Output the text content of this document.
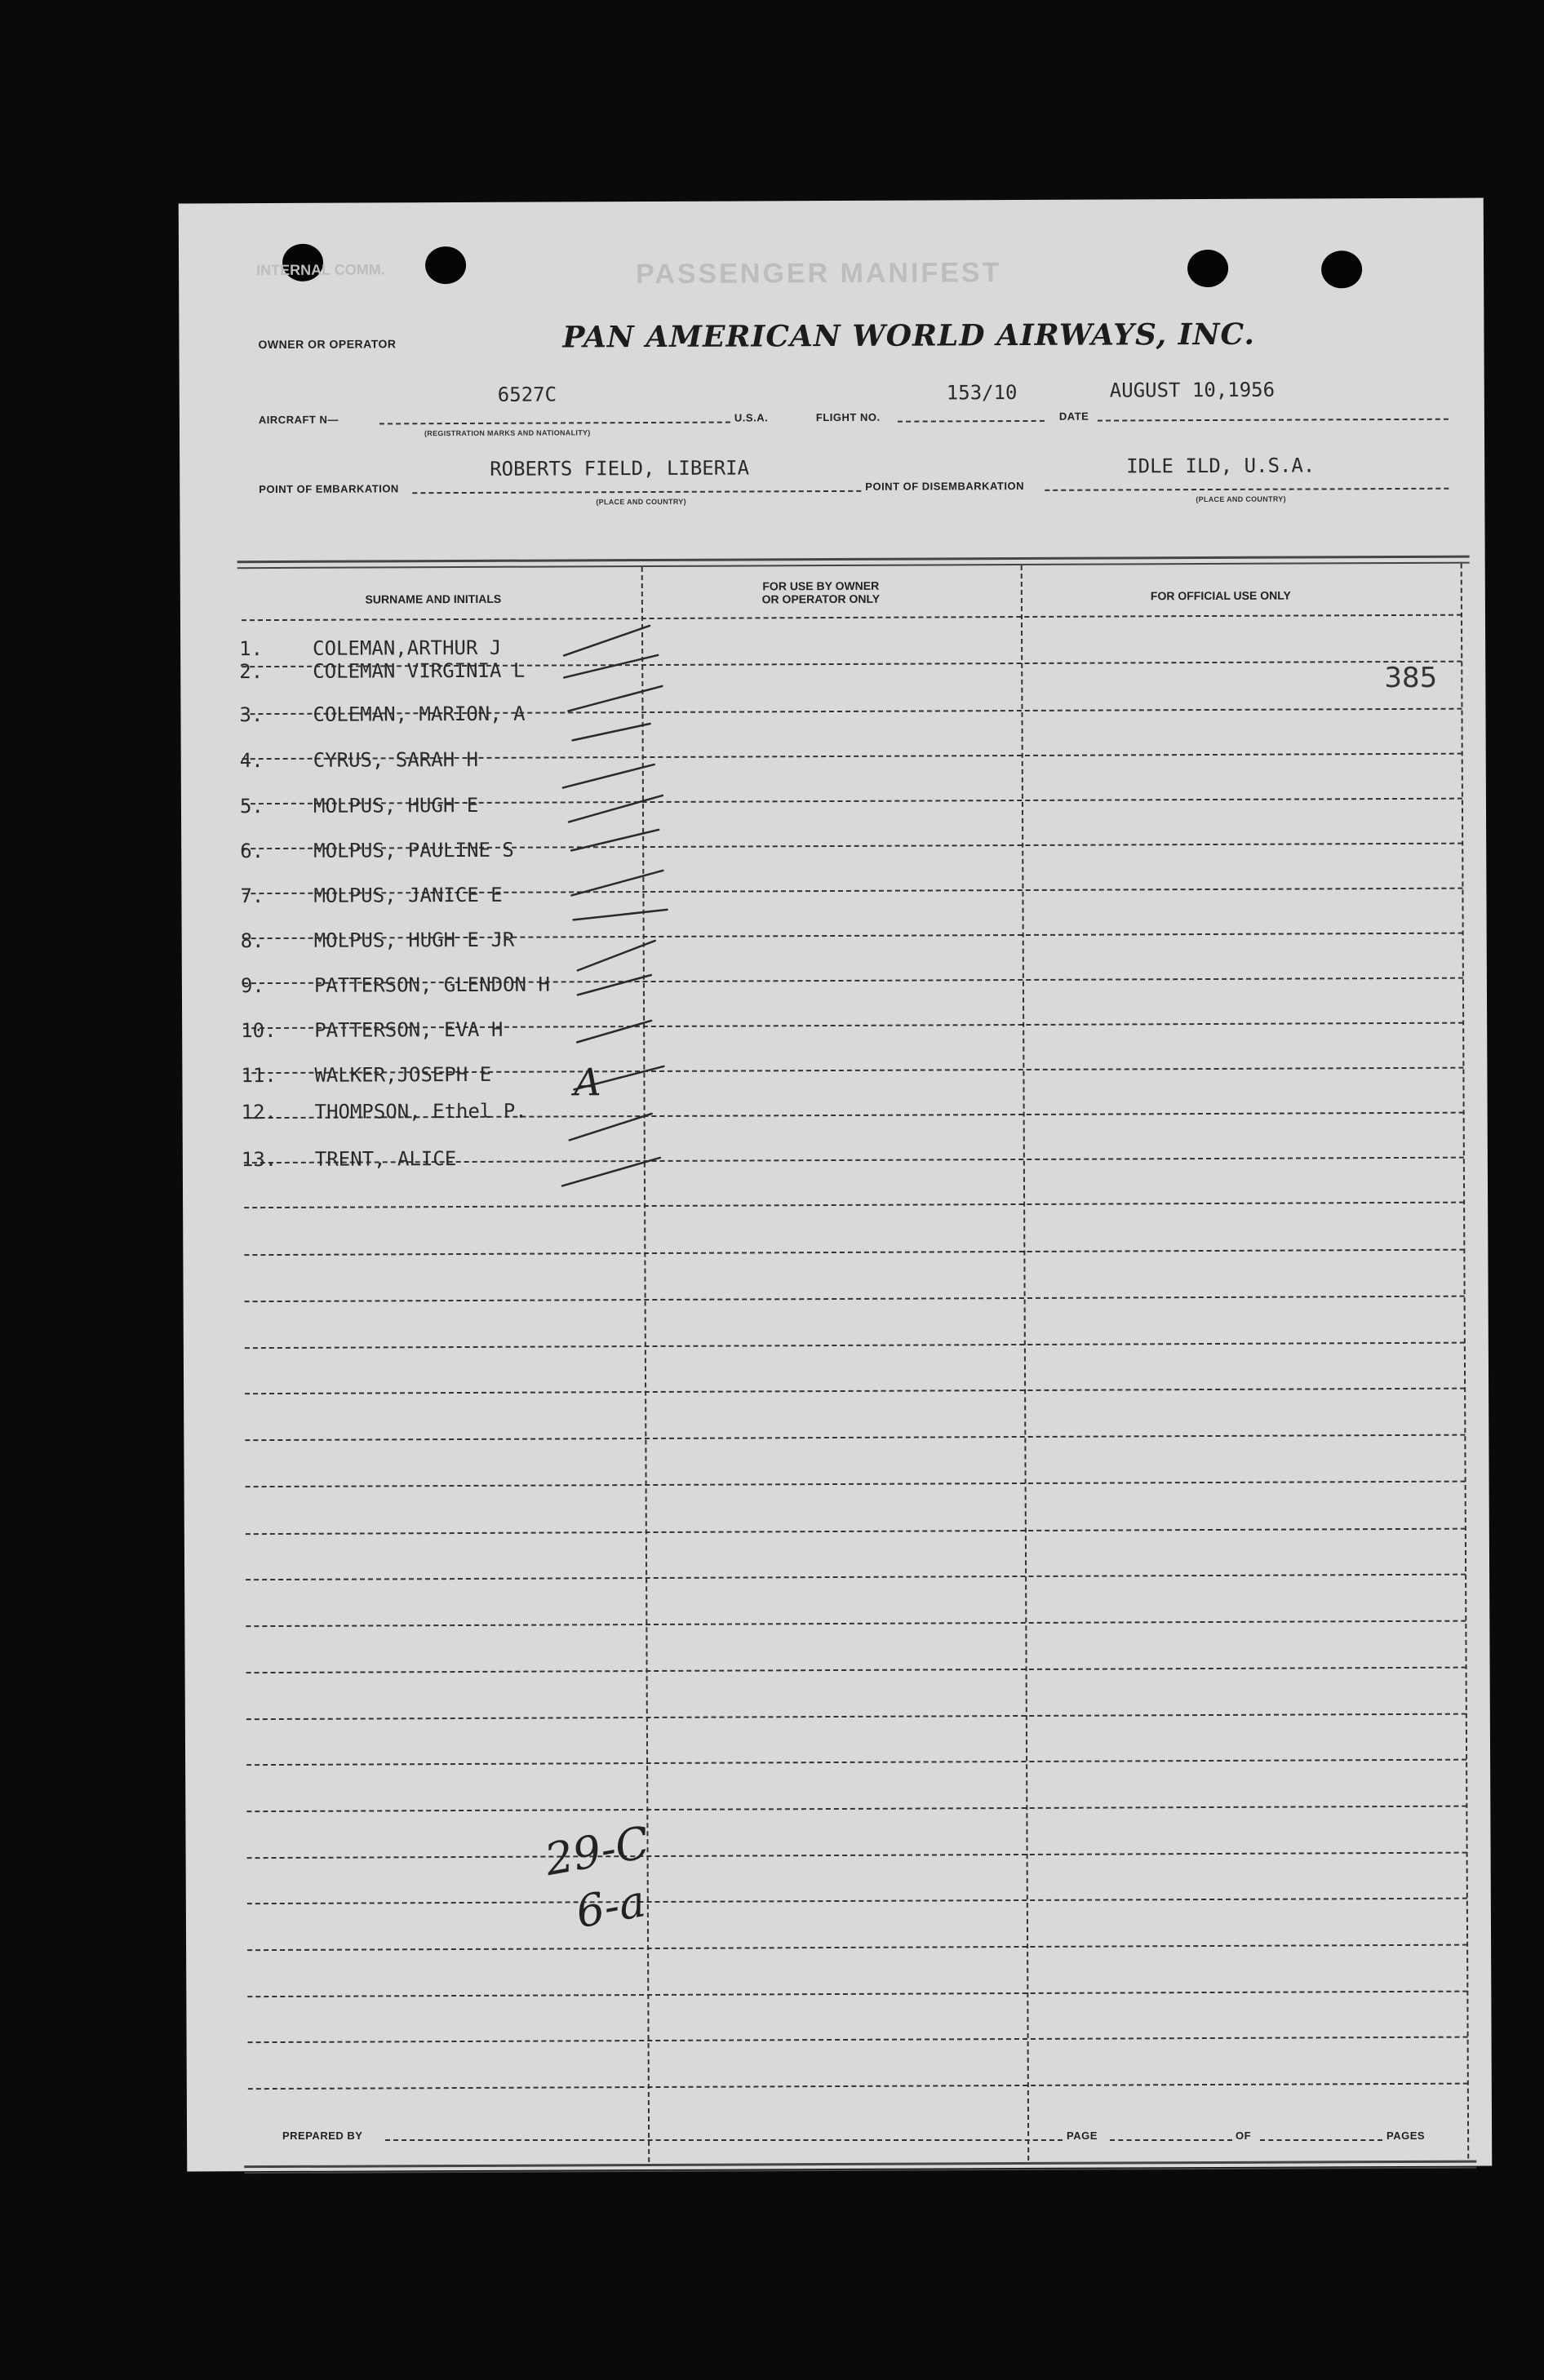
INTERNAL COMM.	PASSENGER MANIFEST
OWNER OR OPERATOR	PAN AMERICAN WORLD AIRWAYS, INC.
AIRCRAFT N—
6527C
(REGISTRATION MARKS AND NATIONALITY)
U.S.A.	FLIGHT NO.
153/10
DATE
AUGUST 10,1956
POINT OF EMBARKATION
ROBERTS FIELD, LIBERIA
(PLACE AND COUNTRY)
POINT OF DISEMBARKATION
IDLE ILD, U.S.A.
(PLACE AND COUNTRY)
SURNAME AND INITIALS
FOR USE BY OWNER
OR OPERATOR ONLY	FOR OFFICIAL USE ONLY
1.	COLEMAN,ARTHUR J
2.	COLEMAN VIRGINIA L
3.	COLEMAN, MARION, A
4.	CYRUS, SARAH H
5.	MOLPUS, HUGH E
6.	MOLPUS, PAULINE S
7.	MOLPUS, JANICE E
8.	MOLPUS, HUGH E JR
9.	PATTERSON, GLENDON H
10. PATTERSON, EVA H
11. WALKER,JOSEPH E
12. THOMPSON, Ethel P.
13. TRENT, ALICE
385
A
29-C
6-a
PREPARED BY	PAGE	OF	PAGES
